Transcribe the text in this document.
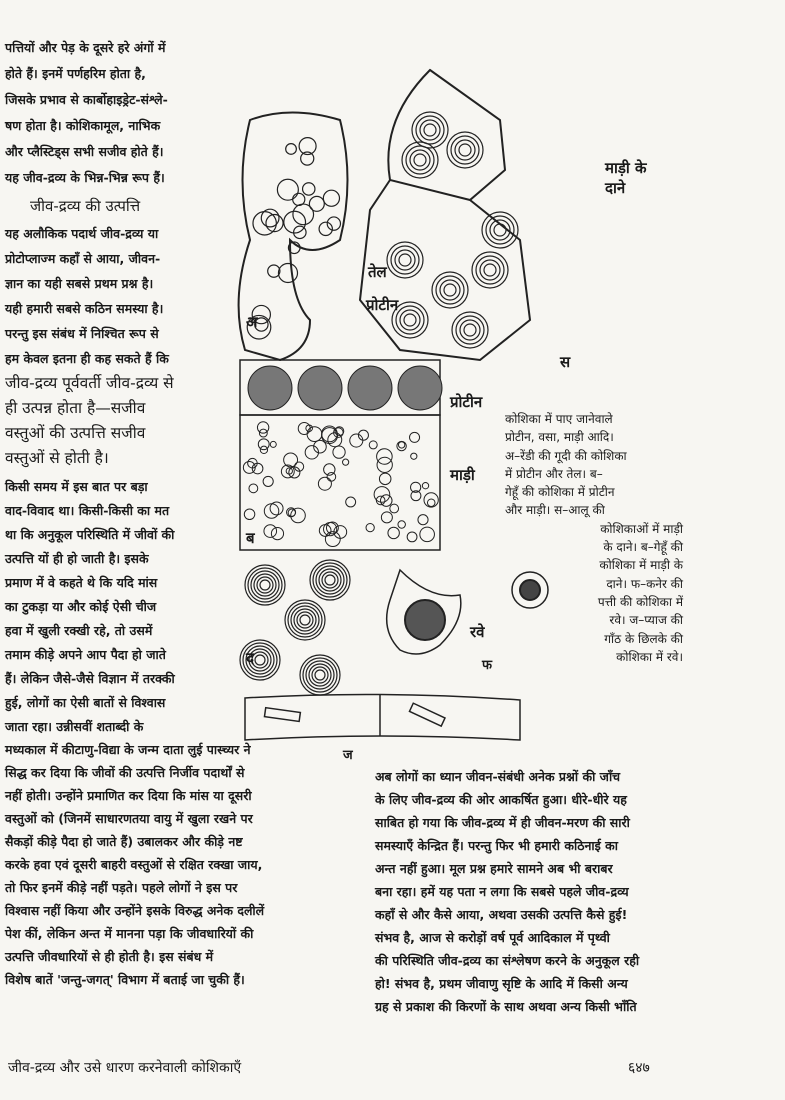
पत्तियों और पेड़ के दूसरे हरे अंगों में
होते हैं। इनमें पर्णहरिम होता है,
जिसके प्रभाव से कार्बोहाइड्रेट-संश्ले-
षण होता है। कोशिकामूल, नाभिक
और प्लैस्टिड्स सभी सजीव होते हैं।
यह जीव-द्रव्य के भिन्न-भिन्न रूप हैं।
जीव-द्रव्य की उत्पत्ति
यह अलौकिक पदार्थ जीव-द्रव्य या
प्रोटोप्लाज्म कहाँ से आया, जीवन-
ज्ञान का यही सबसे प्रथम प्रश्न है।
यही हमारी सबसे कठिन समस्या है।
परन्तु इस संबंध में निश्चित रूप से
हम केवल इतना ही कह सकते हैं कि
जीव-द्रव्य पूर्ववर्ती जीव-द्रव्य से
ही उत्पन्न होता है—सजीव
वस्तुओं की उत्पत्ति सजीव
वस्तुओं से होती है।
किसी समय में इस बात पर बड़ा
वाद-विवाद था। किसी-किसी का मत
था कि अनुकूल परिस्थिति में जीवों की
उत्पत्ति यों ही हो जाती है। इसके
प्रमाण में वे कहते थे कि यदि मांस
का टुकड़ा या और कोई ऐसी चीज
हवा में खुली रक्खी रहे, तो उसमें
तमाम कीड़े अपने आप पैदा हो जाते
हैं। लेकिन जैसे-जैसे विज्ञान में तरक्की
हुई, लोगों का ऐसी बातों से विश्वास
जाता रहा। उन्नीसवीं शताब्दी के
मध्यकाल में कीटाणु-विद्या के जन्म दाता लुई पास्च्यर ने
सिद्ध कर दिया कि जीवों की उत्पत्ति निर्जीव पदार्थों से
नहीं होती। उन्होंने प्रमाणित कर दिया कि मांस या दूसरी
वस्तुओं को (जिनमें साधारणतया वायु में खुला रखने पर
सैकड़ों कीड़े पैदा हो जाते हैं) उबालकर और कीड़े नष्ट
करके हवा एवं दूसरी बाहरी वस्तुओं से रक्षित रक्खा जाय,
तो फिर इनमें कीड़े नहीं पड़ते। पहले लोगों ने इस पर
विश्वास नहीं किया और उन्होंने इसके विरुद्ध अनेक दलीलें
पेश कीं, लेकिन अन्त में मानना पड़ा कि जीवधारियों की
उत्पत्ति जीवधारियों से ही होती है। इस संबंध में
विशेष बातें 'जन्तु-जगत्' विभाग में बताई जा चुकी हैं।
अब लोगों का ध्यान जीवन-संबंधी अनेक प्रश्नों की जाँच
के लिए जीव-द्रव्य की ओर आकर्षित हुआ। धीरे-धीरे यह
साबित हो गया कि जीव-द्रव्य में ही जीवन-मरण की सारी
समस्याएँ केन्द्रित हैं। परन्तु फिर भी हमारी कठिनाई का
अन्त नहीं हुआ। मूल प्रश्न हमारे सामने अब भी बराबर
बना रहा। हमें यह पता न लगा कि सबसे पहले जीव-द्रव्य
कहाँ से और कैसे आया, अथवा उसकी उत्पत्ति कैसे हुई!
संभव है, आज से करोड़ों वर्ष पूर्व आदिकाल में पृथ्वी
की परिस्थिति जीव-द्रव्य का संश्लेषण करने के अनुकूल रही
हो! संभव है, प्रथम जीवाणु सृष्टि के आदि में किसी अन्य
ग्रह से प्रकाश की किरणों के साथ अथवा अन्य किसी भाँति
कोशिका में पाए जानेवाले
प्रोटीन, वसा, माड़ी आदि।
अ–रेंडी की गूदी की कोशिका
में प्रोटीन और तेल। ब–
गेहूँ की कोशिका में प्रोटीन
और माड़ी। स–आलू की
कोशिकाओं में माड़ी
के दाने। ब–गेहूँ की
कोशिका में माड़ी के
दाने। फ–कनेर की
पत्ती की कोशिका में
रवे। ज–प्याज की
गाँठ के छिलके की
कोशिका में रवे।
अ
ब
स
द	फ
ज
तेल
प्रोटीन
माड़ी के दाने
प्रोटीन
माड़ी
रवे
जीव-द्रव्य और उसे धारण करनेवाली कोशिकाएँ	६४७
